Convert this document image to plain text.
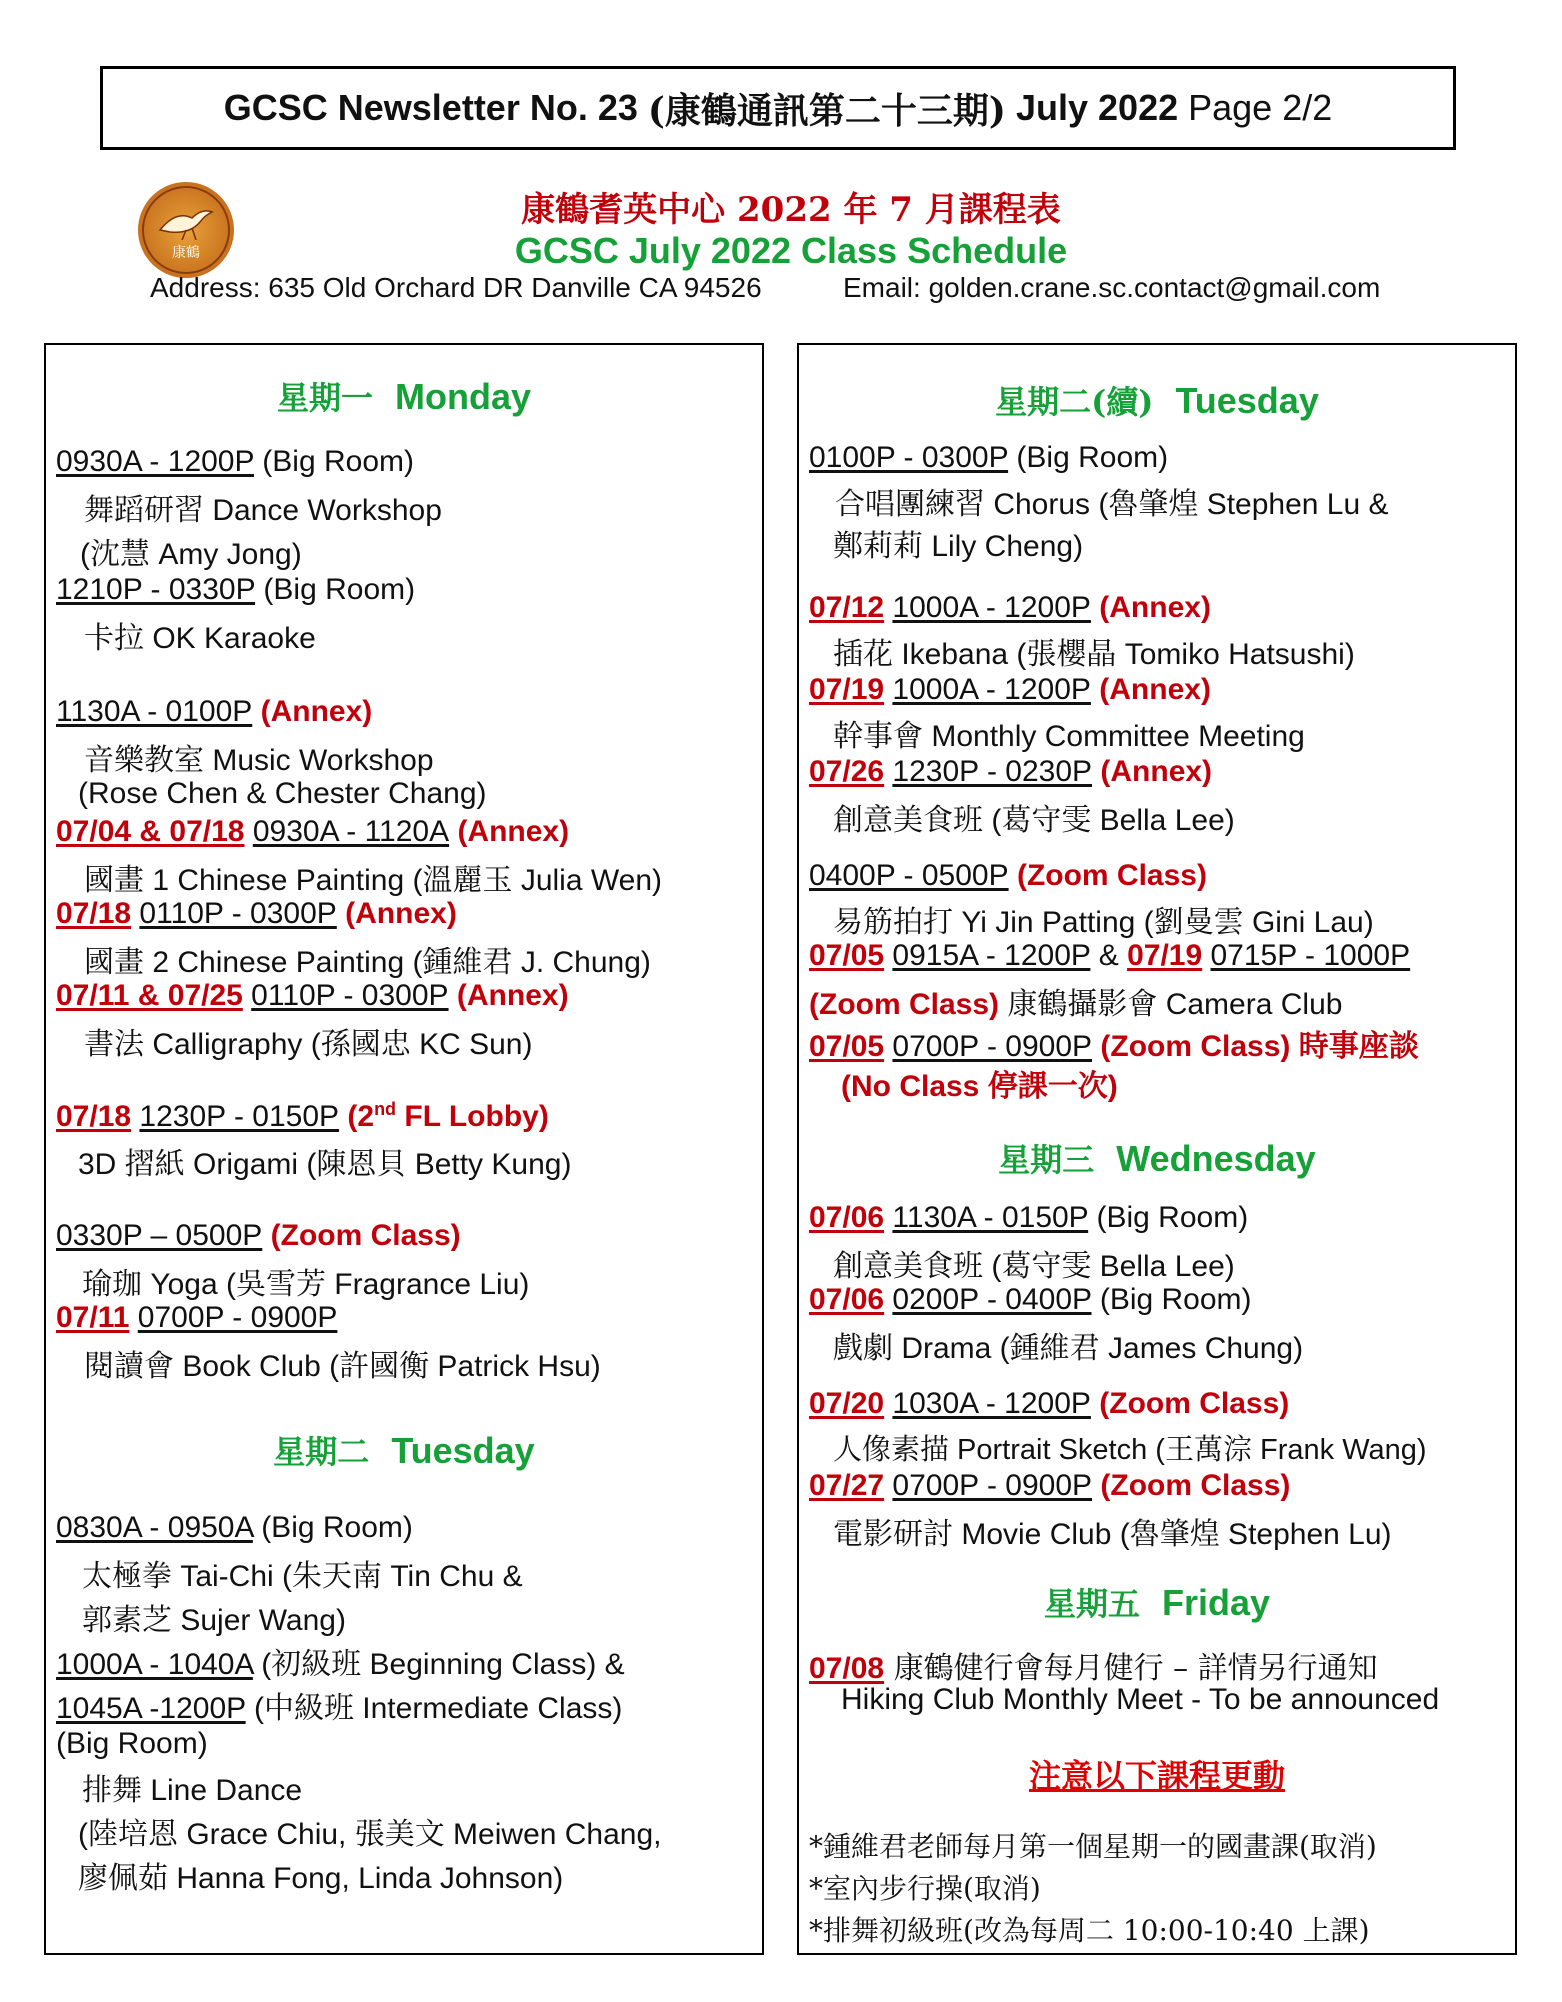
GCSC Newsletter No. 23
(康鶴通訊第二十三期)
July 2022
Page 2/2
康鶴
康鶴耆英中心 2022 年 7 月課程表
GCSC July 2022 Class Schedule
Address: 635 Old Orchard DR Danville CA 94526	Email: golden.crane.sc.contact@gmail.com
星期一 Monday
0930A - 1200P (Big Room)
舞蹈研習 Dance Workshop
(沈慧 Amy Jong)
1210P - 0330P (Big Room)
卡拉 OK Karaoke
1130A - 0100P (Annex)
音樂教室 Music Workshop
(Rose Chen & Chester Chang)
07/04 & 07/18 0930A - 1120A (Annex)
國畫 1 Chinese Painting (溫麗玉 Julia Wen)
07/18 0110P - 0300P (Annex)
國畫 2 Chinese Painting (鍾維君 J. Chung)
07/11 & 07/25 0110P - 0300P (Annex)
書法 Calligraphy (孫國忠 KC Sun)
07/18 1230P - 0150P (2nd FL Lobby)
3D 摺紙 Origami (陳恩貝 Betty Kung)
0330P – 0500P (Zoom Class)
瑜珈 Yoga (吳雪芳 Fragrance Liu)
07/11 0700P - 0900P
閱讀會 Book Club (許國衡 Patrick Hsu)
星期二 Tuesday
0830A - 0950A (Big Room)
太極拳 Tai-Chi (朱天南 Tin Chu &
郭素芝 Sujer Wang)
1000A - 1040A (初級班 Beginning Class) &
1045A -1200P (中級班 Intermediate Class)
(Big Room)
排舞 Line Dance
(陸培恩 Grace Chiu, 張美文 Meiwen Chang,
廖佩茹 Hanna Fong, Linda Johnson)
星期二(續) Tuesday
0100P - 0300P (Big Room)
合唱團練習 Chorus (魯肇煌 Stephen Lu &
鄭莉莉 Lily Cheng)
07/12 1000A - 1200P (Annex)
插花 Ikebana (張櫻晶 Tomiko Hatsushi)
07/19 1000A - 1200P (Annex)
幹事會 Monthly Committee Meeting
07/26 1230P - 0230P (Annex)
創意美食班 (葛守雯 Bella Lee)
0400P - 0500P (Zoom Class)
易筋拍打 Yi Jin Patting (劉曼雲 Gini Lau)
07/05 0915A - 1200P & 07/19 0715P - 1000P
(Zoom Class) 康鶴攝影會 Camera Club
07/05 0700P - 0900P (Zoom Class) 時事座談
(No Class 停課一次)
星期三 Wednesday
07/06 1130A - 0150P (Big Room)
創意美食班 (葛守雯 Bella Lee)
07/06 0200P - 0400P (Big Room)
戲劇 Drama (鍾維君 James Chung)
07/20 1030A - 1200P (Zoom Class)
人像素描 Portrait Sketch (王萬淙 Frank Wang)
07/27 0700P - 0900P (Zoom Class)
電影研討 Movie Club (魯肇煌 Stephen Lu)
星期五 Friday
07/08 康鶴健行會每月健行 – 詳情另行通知
Hiking Club Monthly Meet - To be announced
注意以下課程更動
*鍾維君老師每月第一個星期一的國畫課(取消)
*室內步行操(取消)
*排舞初級班(改為每周二 10:00-10:40 上課)
